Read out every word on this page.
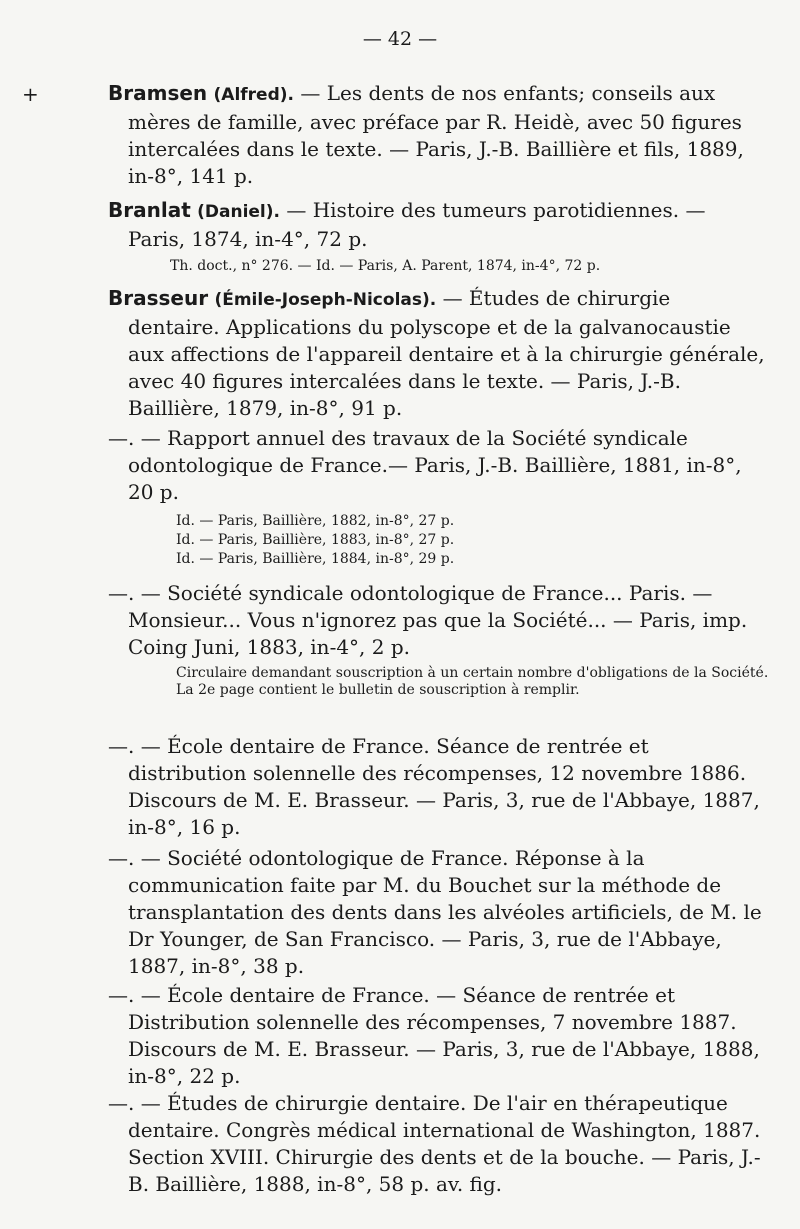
— 42 —
+	Bramsen (Alfred). — Les dents de nos enfants; conseils aux mères de famille, avec préface par R. Heidè, avec 50 figures intercalées dans le texte. — Paris, J.-B. Baillière et fils, 1889, in-8°, 141 p.
Branlat (Daniel). — Histoire des tumeurs parotidiennes. — Paris, 1874, in-4°, 72 p.
Th. doct., n° 276. — Id. — Paris, A. Parent, 1874, in-4°, 72 p.
Brasseur (Émile-Joseph-Nicolas). — Études de chirurgie dentaire. Applications du polyscope et de la galvanocaustie aux affections de l'appareil dentaire et à la chirurgie générale, avec 40 figures intercalées dans le texte. — Paris, J.-B. Baillière, 1879, in-8°, 91 p.
—. — Rapport annuel des travaux de la Société syndicale odontologique de France.— Paris, J.-B. Baillière, 1881, in-8°, 20 p.
Id. — Paris, Baillière, 1882, in-8°, 27 p.
Id. — Paris, Baillière, 1883, in-8°, 27 p.
Id. — Paris, Baillière, 1884, in-8°, 29 p.
—. — Société syndicale odontologique de France... Paris. — Monsieur... Vous n'ignorez pas que la Société... — Paris, imp. Coing Juni, 1883, in-4°, 2 p.
Circulaire demandant souscription à un certain nombre d'obligations de la Société. La 2e page contient le bulletin de souscription à remplir.
—. — École dentaire de France. Séance de rentrée et distribution solennelle des récompenses, 12 novembre 1886. Discours de M. E. Brasseur. — Paris, 3, rue de l'Abbaye, 1887, in-8°, 16 p.
—. — Société odontologique de France. Réponse à la communication faite par M. du Bouchet sur la méthode de transplantation des dents dans les alvéoles artificiels, de M. le Dr Younger, de San Francisco. — Paris, 3, rue de l'Abbaye, 1887, in-8°, 38 p.
—. — École dentaire de France. — Séance de rentrée et Distribution solennelle des récompenses, 7 novembre 1887. Discours de M. E. Brasseur. — Paris, 3, rue de l'Abbaye, 1888, in-8°, 22 p.
—. — Études de chirurgie dentaire. De l'air en thérapeutique dentaire. Congrès médical international de Washington, 1887. Section XVIII. Chirurgie des dents et de la bouche. — Paris, J.-B. Baillière, 1888, in-8°, 58 p. av. fig.
